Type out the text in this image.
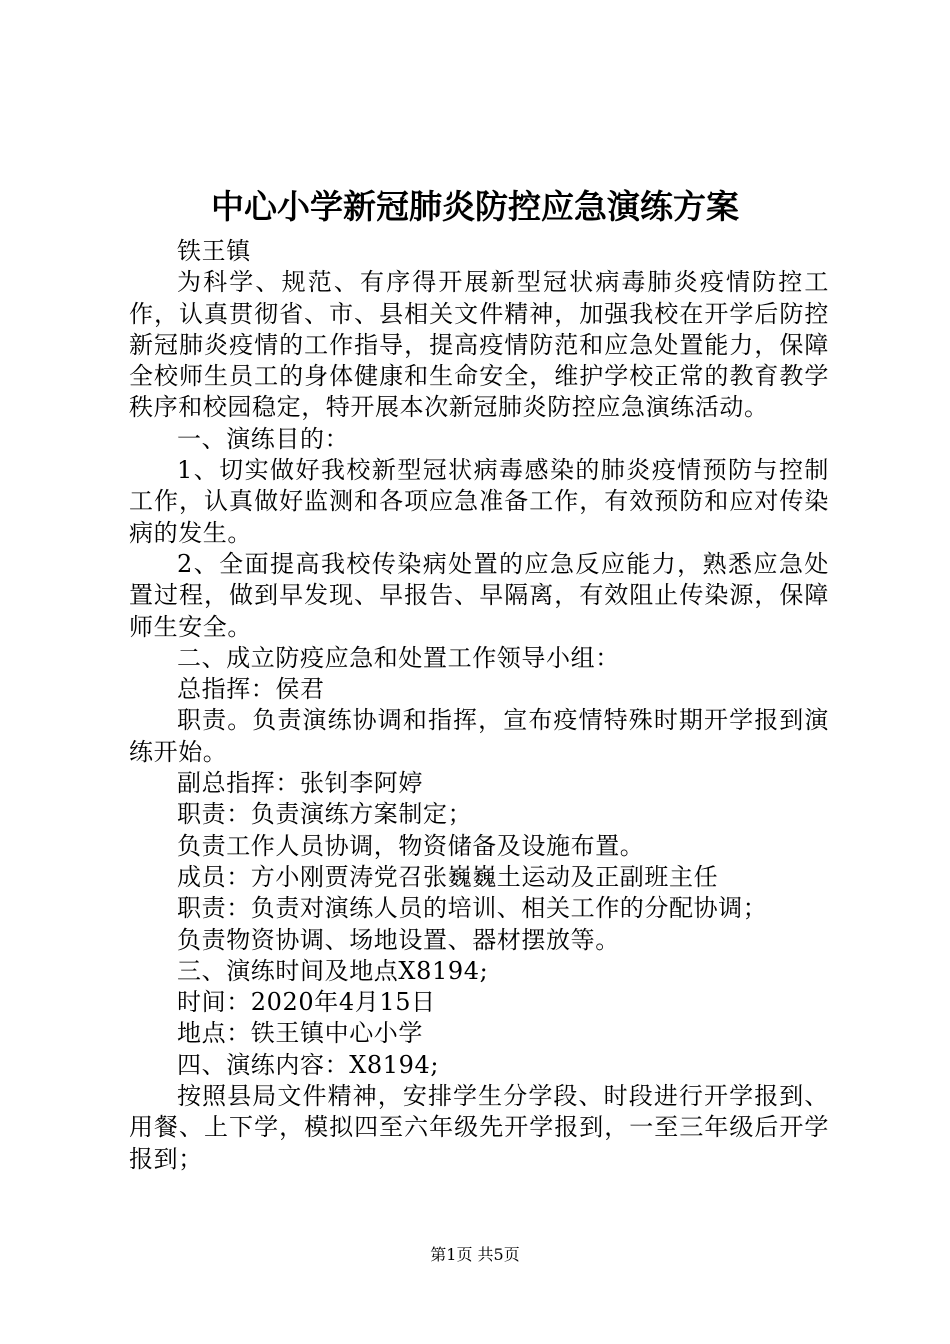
中心小学新冠肺炎防控应急演练方案

铁王镇

为科学、规范、有序得开展新型冠状病毒肺炎疫情防控工作，认真贯彻省、市、县相关文件精神，加强我校在开学后防控新冠肺炎疫情的工作指导，提高疫情防范和应急处置能力，保障全校师生员工的身体健康和生命安全，维护学校正常的教育教学秩序和校园稳定，特开展本次新冠肺炎防控应急演练活动。

一、演练目的：

1、切实做好我校新型冠状病毒感染的肺炎疫情预防与控制工作，认真做好监测和各项应急准备工作，有效预防和应对传染病的发生。

2、全面提高我校传染病处置的应急反应能力，熟悉应急处置过程，做到早发现、早报告、早隔离，有效阻止传染源，保障师生安全。

二、成立防疫应急和处置工作领导小组：

总指挥：侯君

职责。负责演练协调和指挥，宣布疫情特殊时期开学报到演练开始。

副总指挥：张钊李阿婷

职责：负责演练方案制定；

负责工作人员协调，物资储备及设施布置。

成员：方小刚贾涛党召张巍巍土运动及正副班主任

职责：负责对演练人员的培训、相关工作的分配协调；

负责物资协调、场地设置、器材摆放等。

三、演练时间及地点X8194;

时间：2020年4月15日

地点：铁王镇中心小学

四、演练内容：X8194;

按照县局文件精神，安排学生分学段、时段进行开学报到、用餐、上下学，模拟四至六年级先开学报到，一至三年级后开学报到；

第1页 共5页
